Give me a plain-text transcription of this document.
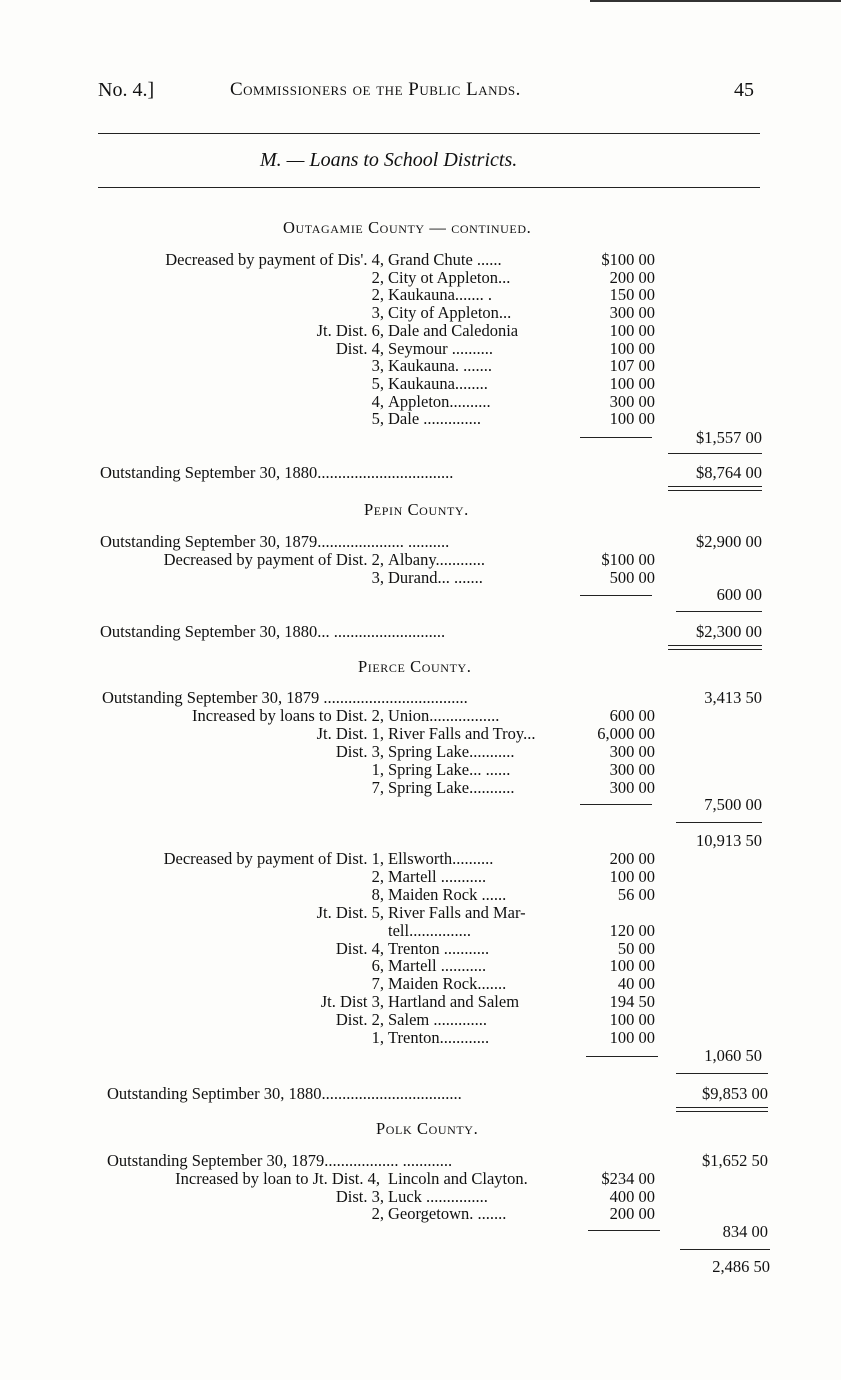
No. 4.]	Commissioners oe the Public Lands.	45
M. — Loans to School Districts.
Outagamie County — continued.
Decreased by payment of Dis'. 4, Grand Chute ......	$100 00
2, City ot Appleton...	200 00
2, Kaukauna....... .	150 00
3, City of Appleton...	300 00
Jt. Dist. 6, Dale and Caledonia	100 00
Dist. 4, Seymour ..........	100 00
3, Kaukauna. .......	107 00
5, Kaukauna........	100 00
4, Appleton..........	300 00
5, Dale ..............	100 00
$1,557 00
Outstanding September 30, 1880.................................	$8,764 00
Pepin County.
Outstanding September 30, 1879..................... ..........	$2,900 00
Decreased by payment of Dist. 2, Albany............	$100 00
3, Durand... .......	500 00
600 00
Outstanding September 30, 1880... ...........................	$2,300 00
Pierce County.
Outstanding September 30, 1879 ...................................	3,413 50
Increased by loans to Dist. 2, Union.................	600 00
Jt. Dist. 1, River Falls and Troy...	6,000 00
Dist. 3, Spring Lake...........	300 00
1, Spring Lake... ......	300 00
7, Spring Lake...........	300 00
7,500 00
10,913 50
Decreased by payment of Dist. 1, Ellsworth..........	200 00
2, Martell ...........	100 00
8, Maiden Rock ......	56 00
Jt. Dist. 5, River Falls and Mar-
tell...............	120 00
Dist. 4, Trenton ...........	50 00
6, Martell ...........	100 00
7, Maiden Rock.......	40 00
Jt. Dist 3, Hartland and Salem	194 50
Dist. 2, Salem .............	100 00
1, Trenton............	100 00
1,060 50
Outstanding Septimber 30, 1880..................................	$9,853 00
Polk County.
Outstanding September 30, 1879.................. ............	$1,652 50
Increased by loan to Jt. Dist. 4, Lincoln and Clayton.	$234 00
Dist. 3, Luck ...............	400 00
2, Georgetown. .......	200 00
834 00
2,486 50
